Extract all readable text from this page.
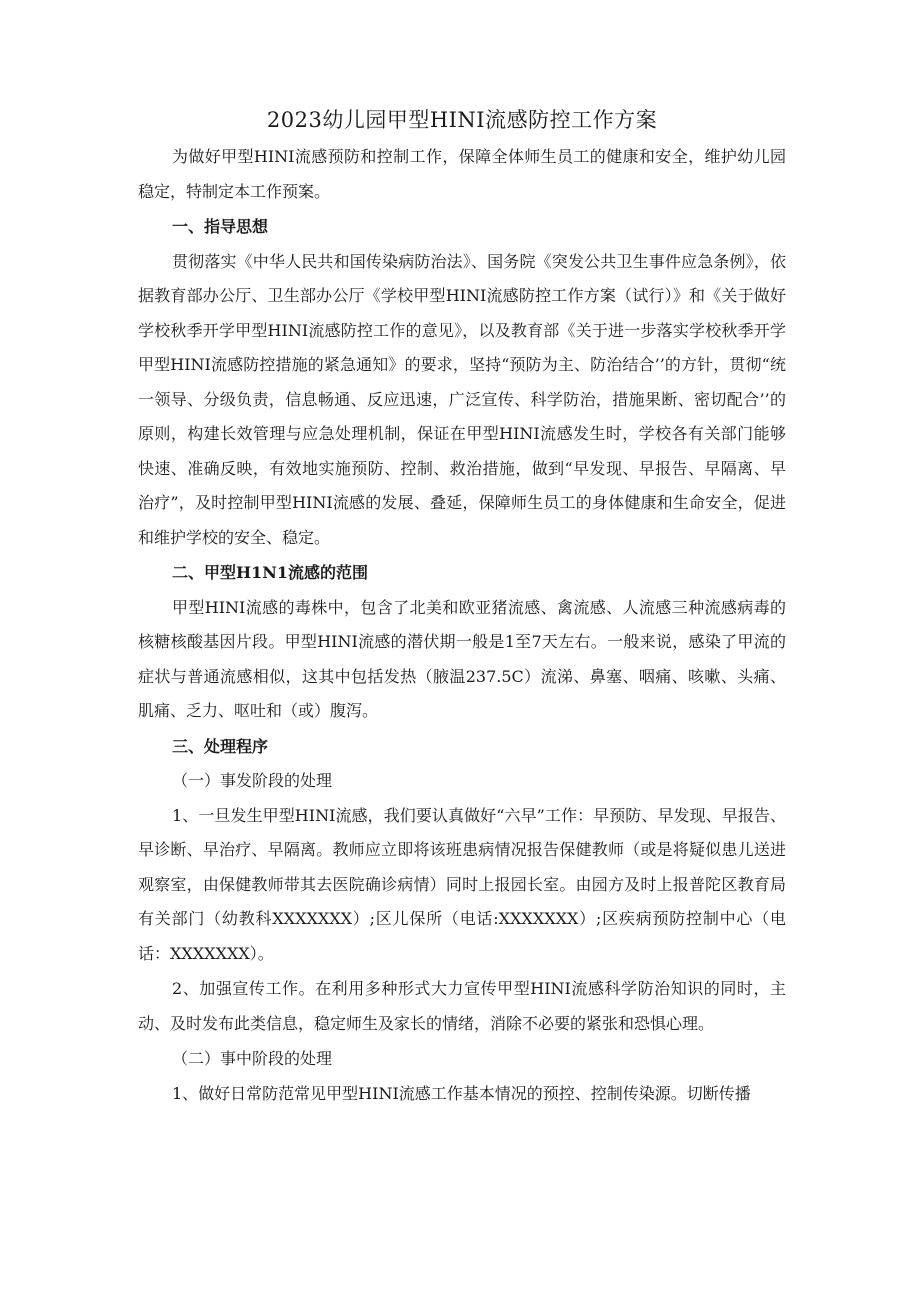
2023幼儿园甲型HINI流感防控工作方案

为做好甲型HINI流感预防和控制工作，保障全体师生员工的健康和安全，维护幼儿园稳定，特制定本工作预案。

一、指导思想

贯彻落实《中华人民共和国传染病防治法》、国务院《突发公共卫生事件应急条例》，依据教育部办公厅、卫生部办公厅《学校甲型HINI流感防控工作方案（试行）》和《关于做好学校秋季开学甲型HINI流感防控工作的意见》，以及教育部《关于进一步落实学校秋季开学甲型HINI流感防控措施的紧急通知》的要求，坚持“预防为主、防治结合’’的方针，贯彻“统一领导、分级负责，信息畅通、反应迅速，广泛宣传、科学防治，措施果断、密切配合’’的原则，构建长效管理与应急处理机制，保证在甲型HINI流感发生时，学校各有关部门能够快速、准确反映，有效地实施预防、控制、救治措施，做到“早发现、早报告、早隔离、早治疗”，及时控制甲型HINI流感的发展、叠延，保障师生员工的身体健康和生命安全，促进和维护学校的安全、稳定。

二、甲型H1N1流感的范围

甲型HINI流感的毒株中，包含了北美和欧亚猪流感、禽流感、人流感三种流感病毒的核糖核酸基因片段。甲型HINI流感的潜伏期一般是1至7天左右。一般来说，感染了甲流的症状与普通流感相似，这其中包括发热（腋温237.5C）流涕、鼻塞、咽痛、咳嗽、头痛、肌痛、乏力、呕吐和（或）腹泻。

三、处理程序

（一）事发阶段的处理

1、一旦发生甲型HINI流感，我们要认真做好“六早”工作：早预防、早发现、早报告、早诊断、早治疗、早隔离。教师应立即将该班患病情况报告保健教师（或是将疑似患儿送进观察室，由保健教师带其去医院确诊病情）同时上报园长室。由园方及时上报普陀区教育局有关部门（幼教科XXXXXXX）;区儿保所（电话:XXXXXXX）;区疾病预防控制中心（电话：XXXXXXX）。

2、加强宣传工作。在利用多种形式大力宣传甲型HINI流感科学防治知识的同时，主动、及时发布此类信息，稳定师生及家长的情绪，消除不必要的紧张和恐惧心理。

（二）事中阶段的处理

1、做好日常防范常见甲型HINI流感工作基本情况的预控、控制传染源。切断传播
